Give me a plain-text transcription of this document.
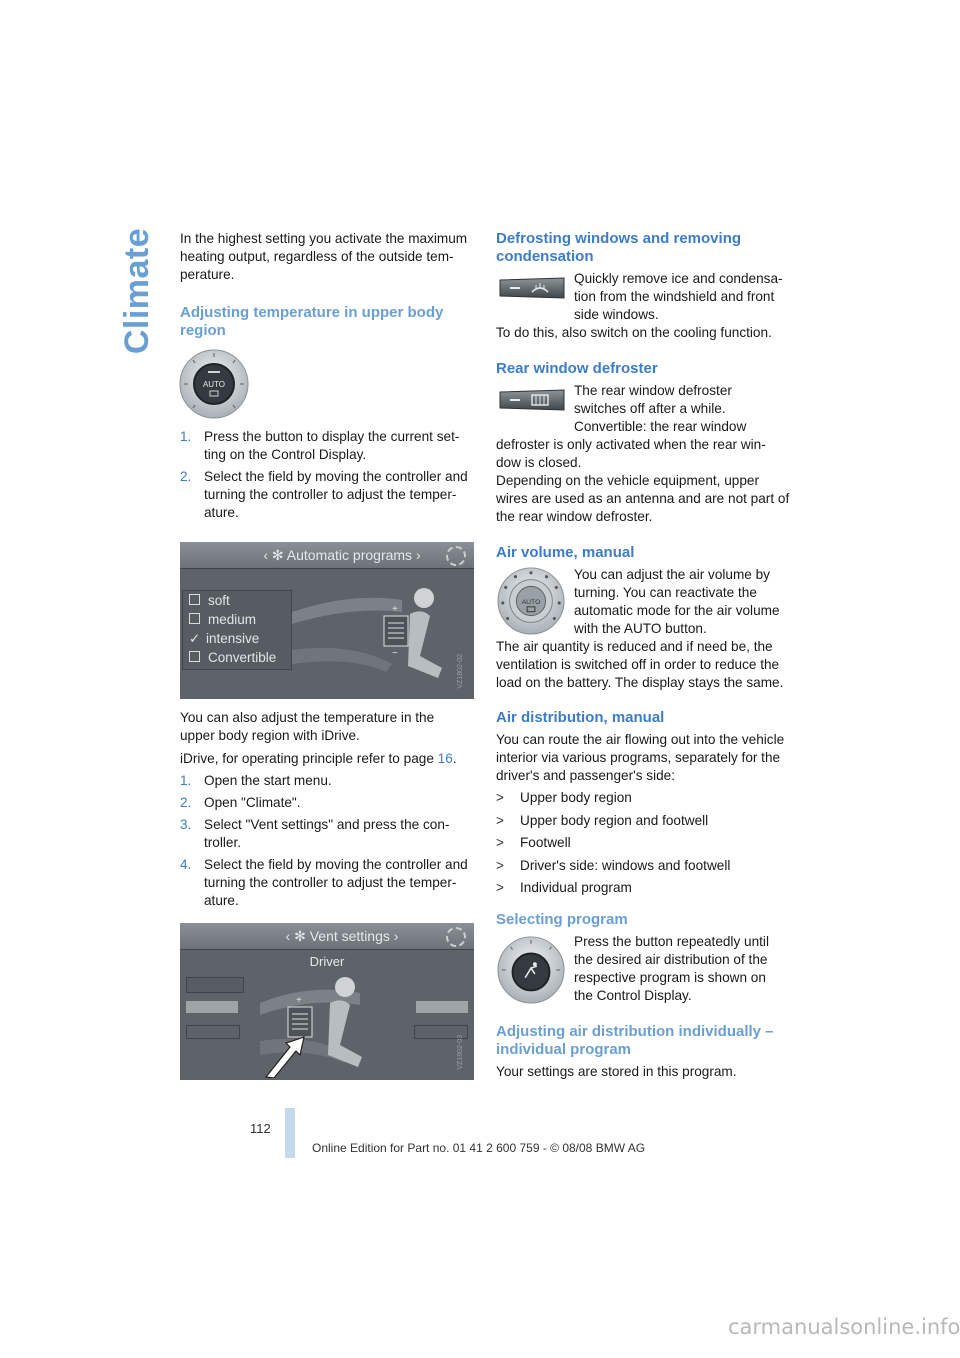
Climate In the highest setting you activate the maximum
heating output, regardless of the outside tem-
perature.

Adjusting temperature in upper body
region
AUTO
1. Press the button to display the current set-
ting on the Control Display.
2. Select the field by moving the controller and
turning the controller to adjust the temper-
ature.
‹ ✻ Automatic programs ›
soft
medium
✓ intensive
Convertible
+
−
VZ1802-02

You can also adjust the temperature in the
upper body region with iDrive.

iDrive, for operating principle refer to page 16.

1. Open the start menu.
2. Open "Climate".
3. Select "Vent settings" and press the con-
troller.
4. Select the field by moving the controller and
turning the controller to adjust the temper-
ature.
‹ ✻ Vent settings ›
Driver
+
VZ1802-03
Defrosting windows and removing
condensation

Quickly remove ice and condensa-
tion from the windshield and front
side windows.

To do this, also switch on the cooling function.

Rear window defroster

The rear window defroster
switches off after a while.
Convertible: the rear window

defroster is only activated when the rear win-
dow is closed.
Depending on the vehicle equipment, upper
wires are used as an antenna and are not part of
the rear window defroster.

Air volume, manual
AUTO

You can adjust the air volume by
turning. You can reactivate the
automatic mode for the air volume
with the AUTO button.

The air quantity is reduced and if need be, the
ventilation is switched off in order to reduce the
load on the battery. The display stays the same.

Air distribution, manual

You can route the air flowing out into the vehicle
interior via various programs, separately for the
driver's and passenger's side:

> Upper body region
> Upper body region and footwell
> Footwell
> Driver's side: windows and footwell
> Individual program
Selecting program

Press the button repeatedly until
the desired air distribution of the
respective program is shown on
the Control Display.

Adjusting air distribution individually –
individual program

Your settings are stored in this program.

112
Online Edition for Part no. 01 41 2 600 759 - © 08/08 BMW AG
carmanualsonline.info
